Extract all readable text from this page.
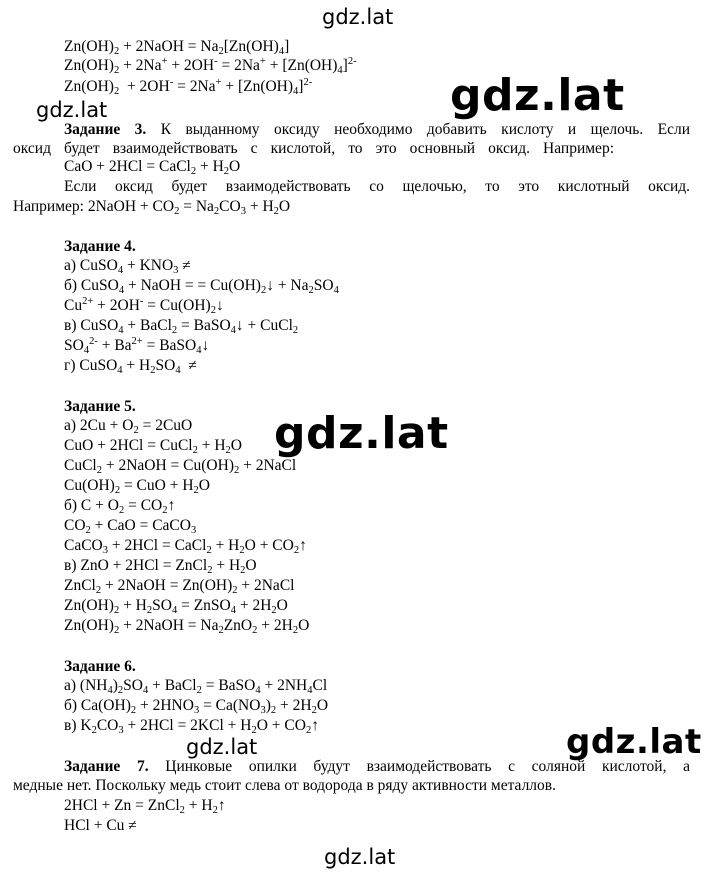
gdz.lat
gdz.lat	gdz.lat
gdz.lat
gdz.lat	gdz.lat
gdz.lat
$Zn(OH)_2$ + 2NaOH = $Na_2[Zn(OH)_4]$
$Zn(OH)_2 + 2Na^+ + 2OH^- = 2Na^+ + [Zn(OH)_4]^{2-}$
$Zn(OH)_2 + 2OH^- = 2Na^+ + [Zn(OH)_4]^{2-}$
Задание 3. К выданному оксиду необходимо добавить кислоту и щелочь. Если
оксид будет взаимодействовать с кислотой, то это основный оксид. Например:
CaO + 2HCl = CaCl$_2$ + $H_2O$
Если оксид будет взаимодействовать со щелочью, то это кислотный оксид.
Например: 2NaOH + $CO_2 = Na_2CO_3 + H_2O$
Задание 4.
а) CuSO$_4$ + $KNO_3$ ≠
б) CuSO$_4$ + NaOH = = $Cu(OH)_2↓ + Na_2SO_4$
$Cu^{2+} + 2OH^-$ = $Cu(OH)_2↓$
в) CuSO$_4$ + BaCl$_2$ = BaSO$_4$↓ + CuCl$_2$
$SO_4^{2-} + Ba^{2+}$ = BaSO$_4$↓
г) CuSO$_4$ + $H_2SO_4$  ≠
Задание 5.
а) $2Cu + O_2 = 2CuO$
CuO + 2HCl = CuCl$_2$ + $H_2O$
CuCl$_2$ + 2NaOH = $Cu(OH)_2$ + 2NaCl
$Cu(OH)_2$ = CuO + $H_2O$
б) $C + O_2$ = $CO_2↑$
$CO_2$ + CaO = CaCO$_3$
CaCO$_3$ + 2HCl = CaCl$_2$ + $H_2O$ + $CO_2↑$
в) ZnO + 2HCl = ZnCl$_2$ + $H_2O$
ZnCl$_2$ + 2NaOH = $Zn(OH)_2$ + 2NaCl
$Zn(OH)_2 + H_2SO_4$ = ZnSO$_4$ + $2H_2O$
$Zn(OH)_2$ + 2NaOH = $Na_2ZnO_2 + 2H_2O$
Задание 6.
а) $(NH_4)_2SO_4$ + BaCl$_2$ = BaSO$_4$ + $2NH_4Cl$
б) $Ca(OH)_2 + 2HNO_3 = Ca(NO_3)_2 + 2H_2O$
в) $K_2CO_3 + 2HCl = 2KCl + H_2O$ + $CO_2↑$
Задание 7. Цинковые опилки будут взаимодействовать с соляной кислотой, а
медные нет. Поскольку медь стоит слева от водорода в ряду активности металлов.
2HCl + Zn = ZnCl$_2$ + $H_2↑$
HCl + Cu ≠
